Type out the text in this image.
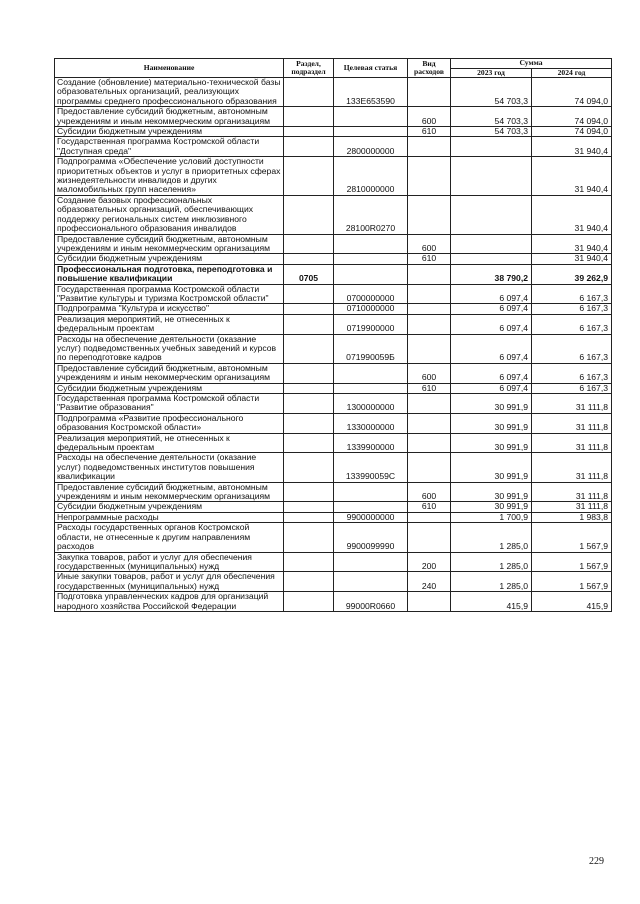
Наименование	Раздел, подраздел	Целевая статья	Вид расходов	Сумма	
				2023 год	2024 год
Создание (обновление) материально-технической базы образовательных организаций, реализующих программы среднего профессионального образования		133Е653590		54 703,3	74 094,0
Предоставление субсидий бюджетным, автономным учреждениям и иным некоммерческим организациям			600	54 703,3	74 094,0
Субсидии бюджетным учреждениям			610	54 703,3	74 094,0
Государственная программа Костромской области "Доступная среда"		2800000000			31 940,4
Подпрограмма «Обеспечение условий доступности приоритетных объектов и услуг в приоритетных сферах жизнедеятельности инвалидов и других маломобильных групп населения»		2810000000			31 940,4
Создание базовых профессиональных образовательных организаций, обеспечивающих поддержку региональных систем инклюзивного профессионального образования инвалидов		28100R0270			31 940,4
Предоставление субсидий бюджетным, автономным учреждениям и иным некоммерческим организациям			600		31 940,4
Субсидии бюджетным учреждениям			610		31 940,4
Профессиональная подготовка, переподготовка и повышение квалификации	0705			38 790,2	39 262,9
Государственная программа Костромской области "Развитие культуры и туризма Костромской области"		0700000000		6 097,4	6 167,3
Подпрограмма "Культура и искусство"		0710000000		6 097,4	6 167,3
Реализация мероприятий, не отнесенных к федеральным проектам		0719900000		6 097,4	6 167,3
Расходы на обеспечение деятельности (оказание услуг) подведомственных учебных заведений и курсов по переподготовке кадров		071990059Б		6 097,4	6 167,3
Предоставление субсидий бюджетным, автономным учреждениям и иным некоммерческим организациям			600	6 097,4	6 167,3
Субсидии бюджетным учреждениям			610	6 097,4	6 167,3
Государственная программа Костромской области "Развитие образования"		1300000000		30 991,9	31 111,8
Подпрограмма «Развитие профессионального образования Костромской области»		1330000000		30 991,9	31 111,8
Реализация мероприятий, не отнесенных к федеральным проектам		1339900000		30 991,9	31 111,8
Расходы на обеспечение деятельности (оказание услуг) подведомственных институтов повышения квалификации		133990059С		30 991,9	31 111,8
Предоставление субсидий бюджетным, автономным учреждениям и иным некоммерческим организациям			600	30 991,9	31 111,8
Субсидии бюджетным учреждениям			610	30 991,9	31 111,8
Непрограммные расходы		9900000000		1 700,9	1 983,8
Расходы государственных органов Костромской области, не отнесенные к другим направлениям расходов		9900099990		1 285,0	1 567,9
Закупка товаров, работ и услуг для обеспечения государственных (муниципальных) нужд			200	1 285,0	1 567,9
Иные закупки товаров, работ и услуг для обеспечения государственных (муниципальных) нужд			240	1 285,0	1 567,9
Подготовка управленческих кадров для организаций народного хозяйства Российской Федерации		99000R0660		415,9	415,9
229
